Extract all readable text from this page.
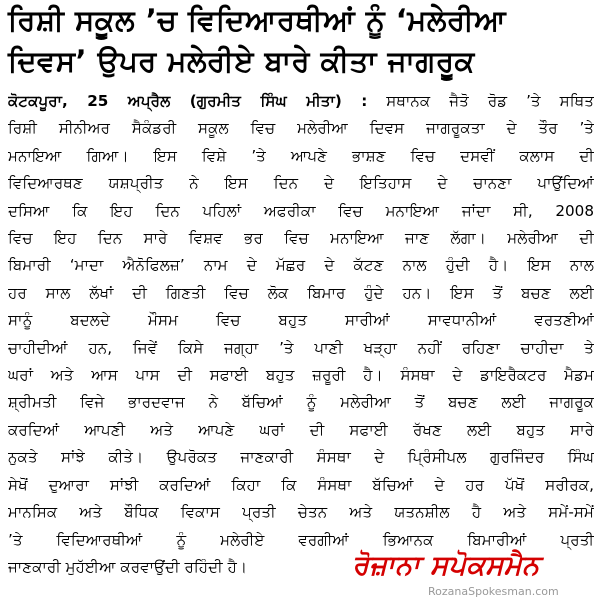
ਰਿਸ਼ੀ ਸਕੂਲ ’ਚ ਵਿਦਿਆਰਥੀਆਂ ਨੂੰ ‘ਮਲੇਰੀਆ
ਦਿਵਸ’ ਉਪਰ ਮਲੇਰੀਏ ਬਾਰੇ ਕੀਤਾ ਜਾਗਰੂਕ
ਕੋਟਕਪੂਰਾ, 25 ਅਪ੍ਰੈਲ (ਗੁਰਮੀਤ ਸਿੰਘ ਮੀਤਾ) : ਸਥਾਨਕ ਜੈਤੋ ਰੋਡ ’ਤੇ ਸਥਿਤ
ਰਿਸ਼ੀ ਸੀਨੀਅਰ ਸੈਕੰਡਰੀ ਸਕੂਲ ਵਿਚ ਮਲੇਰੀਆ ਦਿਵਸ ਜਾਗਰੂਕਤਾ ਦੇ ਤੌਰ ’ਤੇ
ਮਨਾਇਆ ਗਿਆ। ਇਸ ਵਿਸ਼ੇ ’ਤੇ ਆਪਣੇ ਭਾਸ਼ਣ ਵਿਚ ਦਸਵੀਂ ਕਲਾਸ ਦੀ
ਵਿਦਿਆਰਥਣ ਯਸ਼ਪ੍ਰੀਤ ਨੇ ਇਸ ਦਿਨ ਦੇ ਇਤਿਹਾਸ ਦੇ ਚਾਨਣਾ ਪਾਉਂਦਿਆਂ
ਦਸਿਆ ਕਿ ਇਹ ਦਿਨ ਪਹਿਲਾਂ ਅਫਰੀਕਾ ਵਿਚ ਮਨਾਇਆ ਜਾਂਦਾ ਸੀ, 2008
ਵਿਚ ਇਹ ਦਿਨ ਸਾਰੇ ਵਿਸ਼ਵ ਭਰ ਵਿਚ ਮਨਾਇਆ ਜਾਣ ਲੱਗਾ। ਮਲੇਰੀਆ ਦੀ
ਬਿਮਾਰੀ ‘ਮਾਦਾ ਐਨੋਫਿਲਜ਼’ ਨਾਮ ਦੇ ਮੱਛਰ ਦੇ ਕੱਟਣ ਨਾਲ ਹੁੰਦੀ ਹੈ। ਇਸ ਨਾਲ
ਹਰ ਸਾਲ ਲੱਖਾਂ ਦੀ ਗਿਣਤੀ ਵਿਚ ਲੋਕ ਬਿਮਾਰ ਹੁੰਦੇ ਹਨ। ਇਸ ਤੋਂ ਬਚਣ ਲਈ
ਸਾਨੂੰ ਬਦਲਦੇ ਮੌਸਮ ਵਿਚ ਬਹੁਤ ਸਾਰੀਆਂ ਸਾਵਧਾਨੀਆਂ ਵਰਤਣੀਆਂ
ਚਾਹੀਦੀਆਂ ਹਨ, ਜਿਵੇਂ ਕਿਸੇ ਜਗ੍ਹਾ ’ਤੇ ਪਾਣੀ ਖੜ੍ਹਾ ਨਹੀਂ ਰਹਿਣਾ ਚਾਹੀਦਾ ਤੇ
ਘਰਾਂ ਅਤੇ ਆਸ ਪਾਸ ਦੀ ਸਫਾਈ ਬਹੁਤ ਜ਼ਰੂਰੀ ਹੈ। ਸੰਸਥਾ ਦੇ ਡਾਇਰੈਕਟਰ ਮੈਡਮ
ਸ਼੍ਰੀਮਤੀ ਵਿਜੇ ਭਾਰਦਵਾਜ ਨੇ ਬੱਚਿਆਂ ਨੂੰ ਮਲੇਰੀਆ ਤੋਂ ਬਚਣ ਲਈ ਜਾਗਰੂਕ
ਕਰਦਿਆਂ ਆਪਣੀ ਅਤੇ ਆਪਣੇ ਘਰਾਂ ਦੀ ਸਫਾਈ ਰੱਖਣ ਲਈ ਬਹੁਤ ਸਾਰੇ
ਨੁਕਤੇ ਸਾਂਝੇ ਕੀਤੇ। ਉਪਰੋਕਤ ਜਾਣਕਾਰੀ ਸੰਸਥਾ ਦੇ ਪ੍ਰਿੰਸੀਪਲ ਗੁਰਜਿੰਦਰ ਸਿੰਘ
ਸੇਖੋਂ ਦੁਆਰਾ ਸਾਂਝੀ ਕਰਦਿਆਂ ਕਿਹਾ ਕਿ ਸੰਸਥਾ ਬੱਚਿਆਂ ਦੇ ਹਰ ਪੱਖੋਂ ਸਰੀਰਕ,
ਮਾਨਸਿਕ ਅਤੇ ਬੌਧਿਕ ਵਿਕਾਸ ਪ੍ਰਤੀ ਚੇਤਨ ਅਤੇ ਯਤਨਸ਼ੀਲ ਹੈ ਅਤੇ ਸਮੇਂ-ਸਮੇਂ
’ਤੇ ਵਿਦਿਆਰਥੀਆਂ ਨੂੰ ਮਲੇਰੀਏ ਵਰਗੀਆਂ ਭਿਆਨਕ ਬਿਮਾਰੀਆਂ ਪ੍ਰਤੀ
ਜਾਣਕਾਰੀ ਮੁਹੱਈਆ ਕਰਵਾਉਂਦੀ ਰਹਿੰਦੀ ਹੈ।	ਰੋਜ਼ਾਨਾ ਸਪੋਕਸਮੈਨ
RozanaSpokesman.com
